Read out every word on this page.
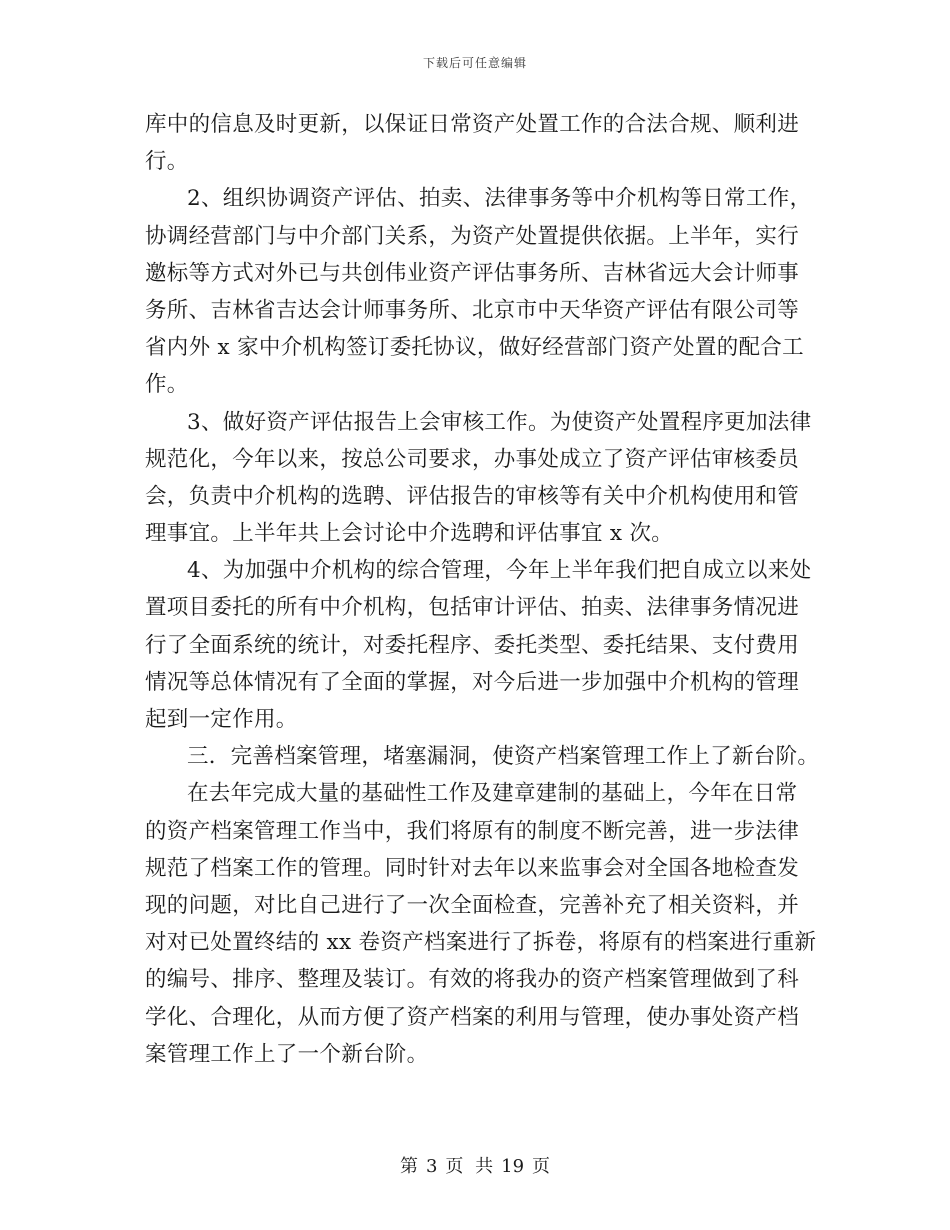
下载后可任意编辑
库中的信息及时更新，以保证日常资产处置工作的合法合规、顺利进
行。
2、组织协调资产评估、拍卖、法律事务等中介机构等日常工作，
协调经营部门与中介部门关系，为资产处置提供依据。上半年，实行
邀标等方式对外已与共创伟业资产评估事务所、吉林省远大会计师事
务所、吉林省吉达会计师事务所、北京市中天华资产评估有限公司等
省内外 x 家中介机构签订委托协议，做好经营部门资产处置的配合工
作。
3、做好资产评估报告上会审核工作。为使资产处置程序更加法律
规范化，今年以来，按总公司要求，办事处成立了资产评估审核委员
会，负责中介机构的选聘、评估报告的审核等有关中介机构使用和管
理事宜。上半年共上会讨论中介选聘和评估事宜 x 次。
4、为加强中介机构的综合管理，今年上半年我们把自成立以来处
置项目委托的所有中介机构，包括审计评估、拍卖、法律事务情况进
行了全面系统的统计，对委托程序、委托类型、委托结果、支付费用
情况等总体情况有了全面的掌握，对今后进一步加强中介机构的管理
起到一定作用。
三．完善档案管理，堵塞漏洞，使资产档案管理工作上了新台阶。
在去年完成大量的基础性工作及建章建制的基础上，今年在日常
的资产档案管理工作当中，我们将原有的制度不断完善，进一步法律
规范了档案工作的管理。同时针对去年以来监事会对全国各地检查发
现的问题，对比自己进行了一次全面检查，完善补充了相关资料，并
对对已处置终结的 xx 卷资产档案进行了拆卷，将原有的档案进行重新
的编号、排序、整理及装订。有效的将我办的资产档案管理做到了科
学化、合理化，从而方便了资产档案的利用与管理，使办事处资产档
案管理工作上了一个新台阶。
第 3 页 共 19 页
